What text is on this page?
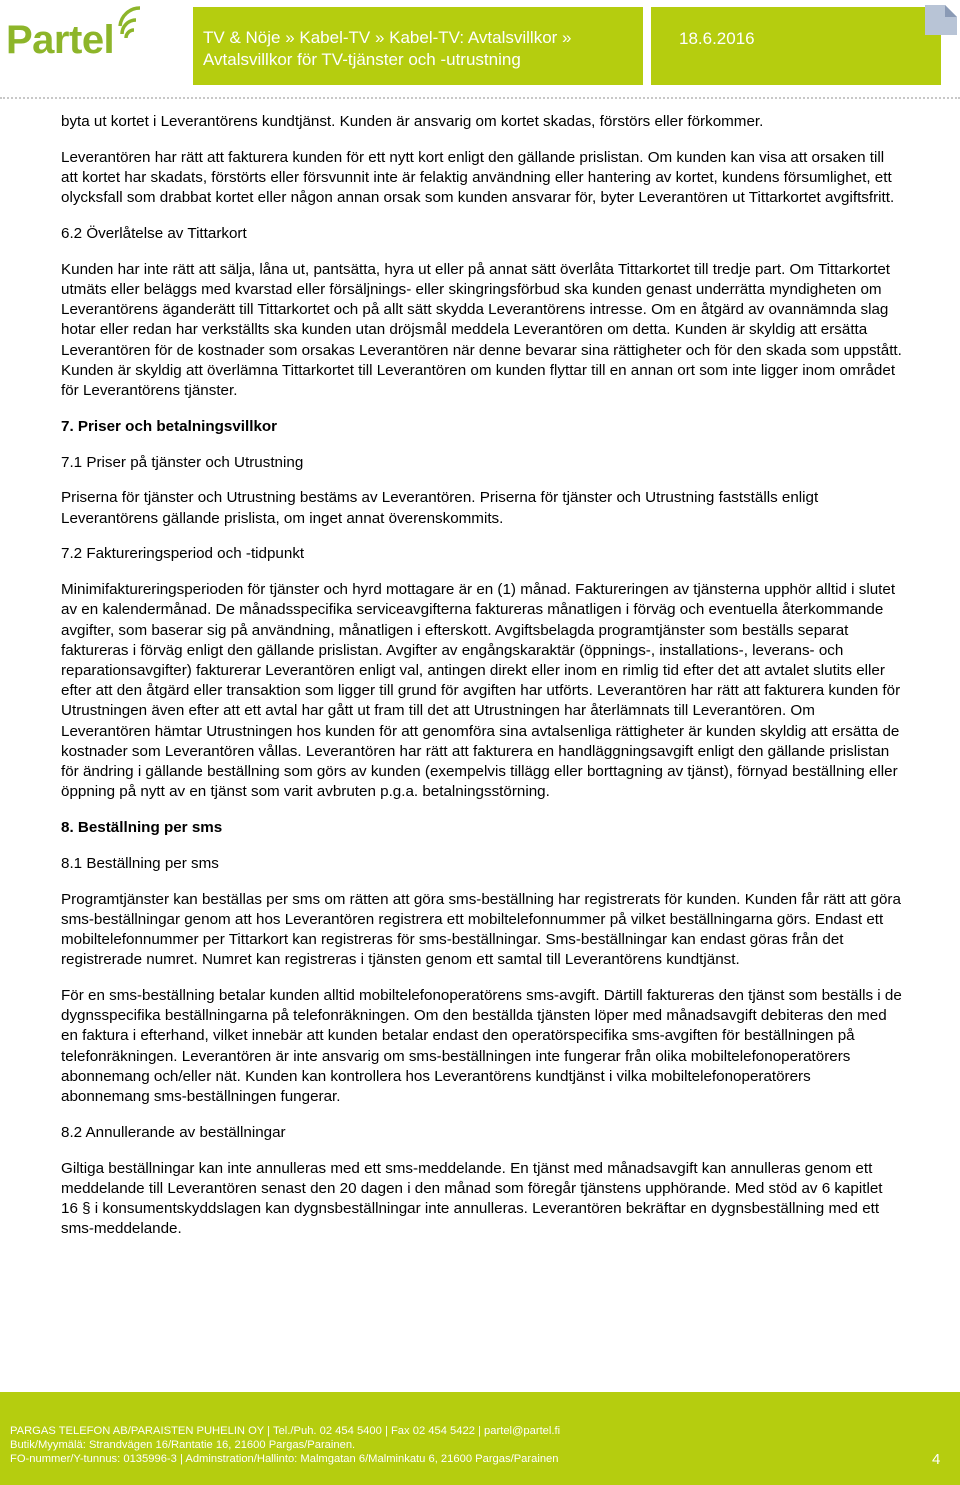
Partel	TV & Nöje » Kabel-TV » Kabel-TV: Avtalsvillkor »
Avtalsvillkor för TV-tjänster och -utrustning
18.6.2016

byta ut kortet i Leverantörens kundtjänst. Kunden är ansvarig om kortet skadas, förstörs eller förkommer.

Leverantören har rätt att fakturera kunden för ett nytt kort enligt den gällande prislistan. Om kunden kan visa att orsaken till att kortet har skadats, förstörts eller försvunnit inte är felaktig användning eller hantering av kortet, kundens försumlighet, ett olycksfall som drabbat kortet eller någon annan orsak som kunden ansvarar för, byter Leverantören ut Tittarkortet avgiftsfritt.

6.2 Överlåtelse av Tittarkort

Kunden har inte rätt att sälja, låna ut, pantsätta, hyra ut eller på annat sätt överlåta Tittarkortet till tredje part. Om Tittarkortet utmäts eller beläggs med kvarstad eller försäljnings- eller skingringsförbud ska kunden genast underrätta myndigheten om Leverantörens äganderätt till Tittarkortet och på allt sätt skydda Leverantörens intresse. Om en åtgärd av ovannämnda slag hotar eller redan har verkställts ska kunden utan dröjsmål meddela Leverantören om detta. Kunden är skyldig att ersätta Leverantören för de kostnader som orsakas Leverantören när denne bevarar sina rättigheter och för den skada som uppstått. Kunden är skyldig att överlämna Tittarkortet till Leverantören om kunden flyttar till en annan ort som inte ligger inom området för Leverantörens tjänster.

7. Priser och betalningsvillkor

7.1 Priser på tjänster och Utrustning

Priserna för tjänster och Utrustning bestäms av Leverantören. Priserna för tjänster och Utrustning fastställs enligt Leverantörens gällande prislista, om inget annat överenskommits.

7.2 Faktureringsperiod och -tidpunkt

Minimifaktureringsperioden för tjänster och hyrd mottagare är en (1) månad. Faktureringen av tjänsterna upphör alltid i slutet av en kalendermånad. De månadsspecifika serviceavgifterna faktureras månatligen i förväg och eventuella återkommande avgifter, som baserar sig på användning, månatligen i efterskott. Avgiftsbelagda programtjänster som beställs separat faktureras i förväg enligt den gällande prislistan. Avgifter av engångskaraktär (öppnings-, installations-, leverans- och reparationsavgifter) fakturerar Leverantören enligt val, antingen direkt eller inom en rimlig tid efter det att avtalet slutits eller efter att den åtgärd eller transaktion som ligger till grund för avgiften har utförts. Leverantören har rätt att fakturera kunden för Utrustningen även efter att ett avtal har gått ut fram till det att Utrustningen har återlämnats till Leverantören. Om Leverantören hämtar Utrustningen hos kunden för att genomföra sina avtalsenliga rättigheter är kunden skyldig att ersätta de kostnader som Leverantören vållas. Leverantören har rätt att fakturera en handläggningsavgift enligt den gällande prislistan för ändring i gällande beställning som görs av kunden (exempelvis tillägg eller borttagning av tjänst), förnyad beställning eller öppning på nytt av en tjänst som varit avbruten p.g.a. betalningsstörning.

8. Beställning per sms

8.1 Beställning per sms

Programtjänster kan beställas per sms om rätten att göra sms-beställning har registrerats för kunden. Kunden får rätt att göra sms-beställningar genom att hos Leverantören registrera ett mobiltelefonnummer på vilket beställningarna görs. Endast ett mobiltelefonnummer per Tittarkort kan registreras för sms-beställningar. Sms-beställningar kan endast göras från det registrerade numret. Numret kan registreras i tjänsten genom ett samtal till Leverantörens kundtjänst.

För en sms-beställning betalar kunden alltid mobiltelefonoperatörens sms-avgift. Därtill faktureras den tjänst som beställs i de dygnsspecifika beställningarna på telefonräkningen. Om den beställda tjänsten löper med månadsavgift debiteras den med en faktura i efterhand, vilket innebär att kunden betalar endast den operatörspecifika sms-avgiften för beställningen på telefonräkningen. Leverantören är inte ansvarig om sms-beställningen inte fungerar från olika mobiltelefonoperatörers abonnemang och/eller nät. Kunden kan kontrollera hos Leverantörens kundtjänst i vilka mobiltelefonoperatörers abonnemang sms-beställningen fungerar.

8.2 Annullerande av beställningar

Giltiga beställningar kan inte annulleras med ett sms-meddelande. En tjänst med månadsavgift kan annulleras genom ett meddelande till Leverantören senast den 20 dagen i den månad som föregår tjänstens upphörande. Med stöd av 6 kapitlet 16 § i konsumentskyddslagen kan dygnsbeställningar inte annulleras. Leverantören bekräftar en dygnsbeställning med ett sms-meddelande.

PARGAS TELEFON AB/PARAISTEN PUHELIN OY | Tel./Puh. 02 454 5400 | Fax 02 454 5422 | partel@partel.fi
Butik/Myymälä: Strandvägen 16/Rantatie 16, 21600 Pargas/Parainen.
FO-nummer/Y-tunnus: 0135996-3 | Adminstration/Hallinto: Malmgatan 6/Malminkatu 6, 21600 Pargas/Parainen	4
